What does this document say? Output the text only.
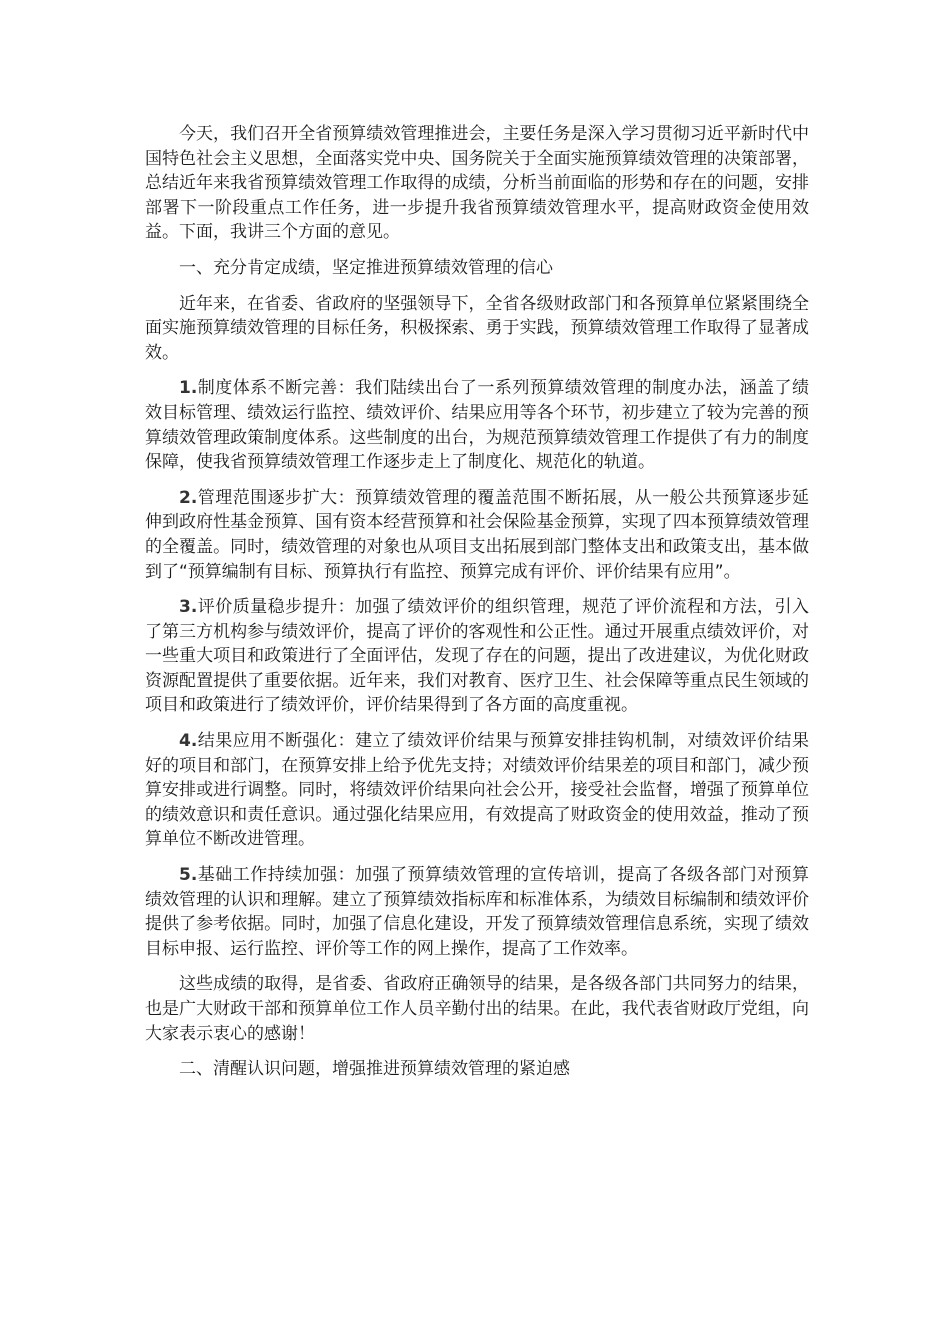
今天，我们召开全省预算绩效管理推进会，主要任务是深入学习贯彻习近平新时代中国特色社会主义思想，全面落实党中央、国务院关于全面实施预算绩效管理的决策部署，总结近年来我省预算绩效管理工作取得的成绩，分析当前面临的形势和存在的问题，安排部署下一阶段重点工作任务，进一步提升我省预算绩效管理水平，提高财政资金使用效益。下面，我讲三个方面的意见。

一、充分肯定成绩，坚定推进预算绩效管理的信心

近年来，在省委、省政府的坚强领导下，全省各级财政部门和各预算单位紧紧围绕全面实施预算绩效管理的目标任务，积极探索、勇于实践，预算绩效管理工作取得了显著成效。

1.制度体系不断完善：我们陆续出台了一系列预算绩效管理的制度办法，涵盖了绩效目标管理、绩效运行监控、绩效评价、结果应用等各个环节，初步建立了较为完善的预算绩效管理政策制度体系。这些制度的出台，为规范预算绩效管理工作提供了有力的制度保障，使我省预算绩效管理工作逐步走上了制度化、规范化的轨道。

2.管理范围逐步扩大：预算绩效管理的覆盖范围不断拓展，从一般公共预算逐步延伸到政府性基金预算、国有资本经营预算和社会保险基金预算，实现了四本预算绩效管理的全覆盖。同时，绩效管理的对象也从项目支出拓展到部门整体支出和政策支出，基本做到了“预算编制有目标、预算执行有监控、预算完成有评价、评价结果有应用”。

3.评价质量稳步提升：加强了绩效评价的组织管理，规范了评价流程和方法，引入了第三方机构参与绩效评价，提高了评价的客观性和公正性。通过开展重点绩效评价，对一些重大项目和政策进行了全面评估，发现了存在的问题，提出了改进建议，为优化财政资源配置提供了重要依据。近年来，我们对教育、医疗卫生、社会保障等重点民生领域的项目和政策进行了绩效评价，评价结果得到了各方面的高度重视。

4.结果应用不断强化：建立了绩效评价结果与预算安排挂钩机制，对绩效评价结果好的项目和部门，在预算安排上给予优先支持；对绩效评价结果差的项目和部门，减少预算安排或进行调整。同时，将绩效评价结果向社会公开，接受社会监督，增强了预算单位的绩效意识和责任意识。通过强化结果应用，有效提高了财政资金的使用效益，推动了预算单位不断改进管理。

5.基础工作持续加强：加强了预算绩效管理的宣传培训，提高了各级各部门对预算绩效管理的认识和理解。建立了预算绩效指标库和标准体系，为绩效目标编制和绩效评价提供了参考依据。同时，加强了信息化建设，开发了预算绩效管理信息系统，实现了绩效目标申报、运行监控、评价等工作的网上操作，提高了工作效率。

这些成绩的取得，是省委、省政府正确领导的结果，是各级各部门共同努力的结果，也是广大财政干部和预算单位工作人员辛勤付出的结果。在此，我代表省财政厅党组，向大家表示衷心的感谢！

二、清醒认识问题，增强推进预算绩效管理的紧迫感
